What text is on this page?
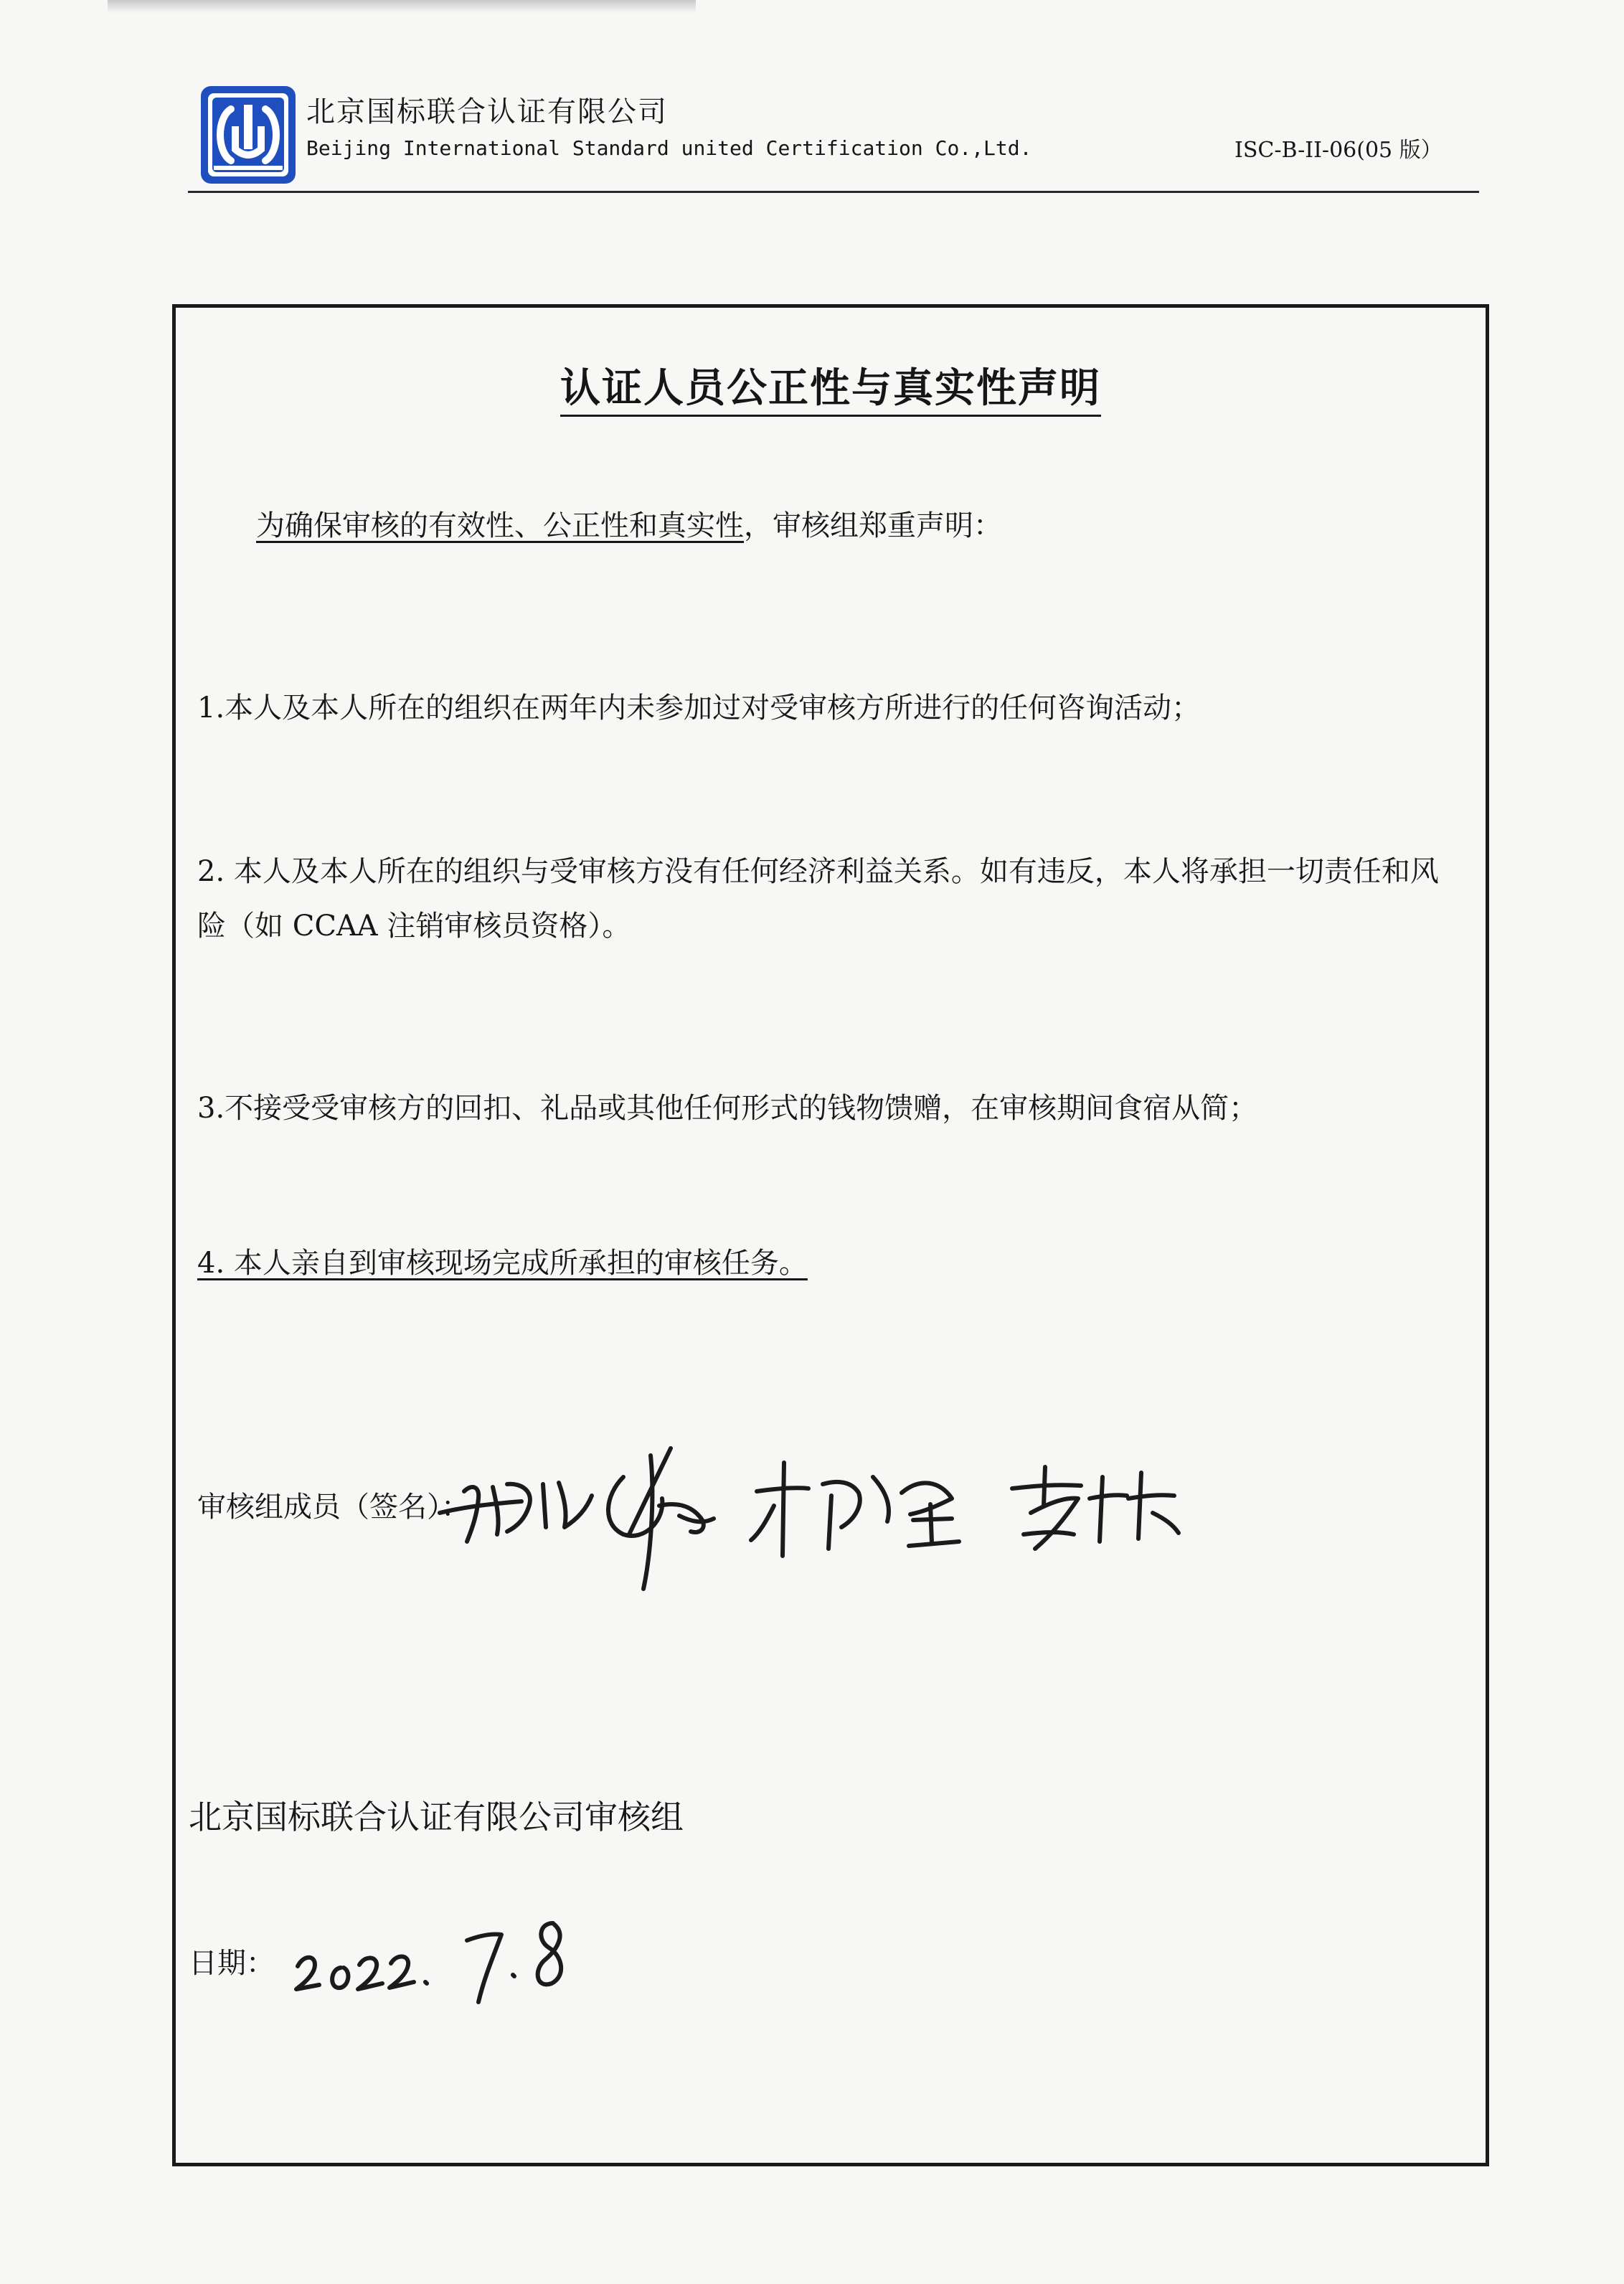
北京国标联合认证有限公司
Beijing International Standard united Certification Co.,Ltd.	ISC-B-II-06(05 版）
认证人员公正性与真实性声明
为确保审核的有效性、公正性和真实性，审核组郑重声明：
1.本人及本人所在的组织在两年内未参加过对受审核方所进行的任何咨询活动；
2. 本人及本人所在的组织与受审核方没有任何经济利益关系。如有违反，本人将承担一切责任和风险（如 CCAA 注销审核员资格）。
3.不接受受审核方的回扣、礼品或其他任何形式的钱物馈赠，在审核期间食宿从简；
4. 本人亲自到审核现场完成所承担的审核任务。
审核组成员（签名）：
北京国标联合认证有限公司审核组
日期：
